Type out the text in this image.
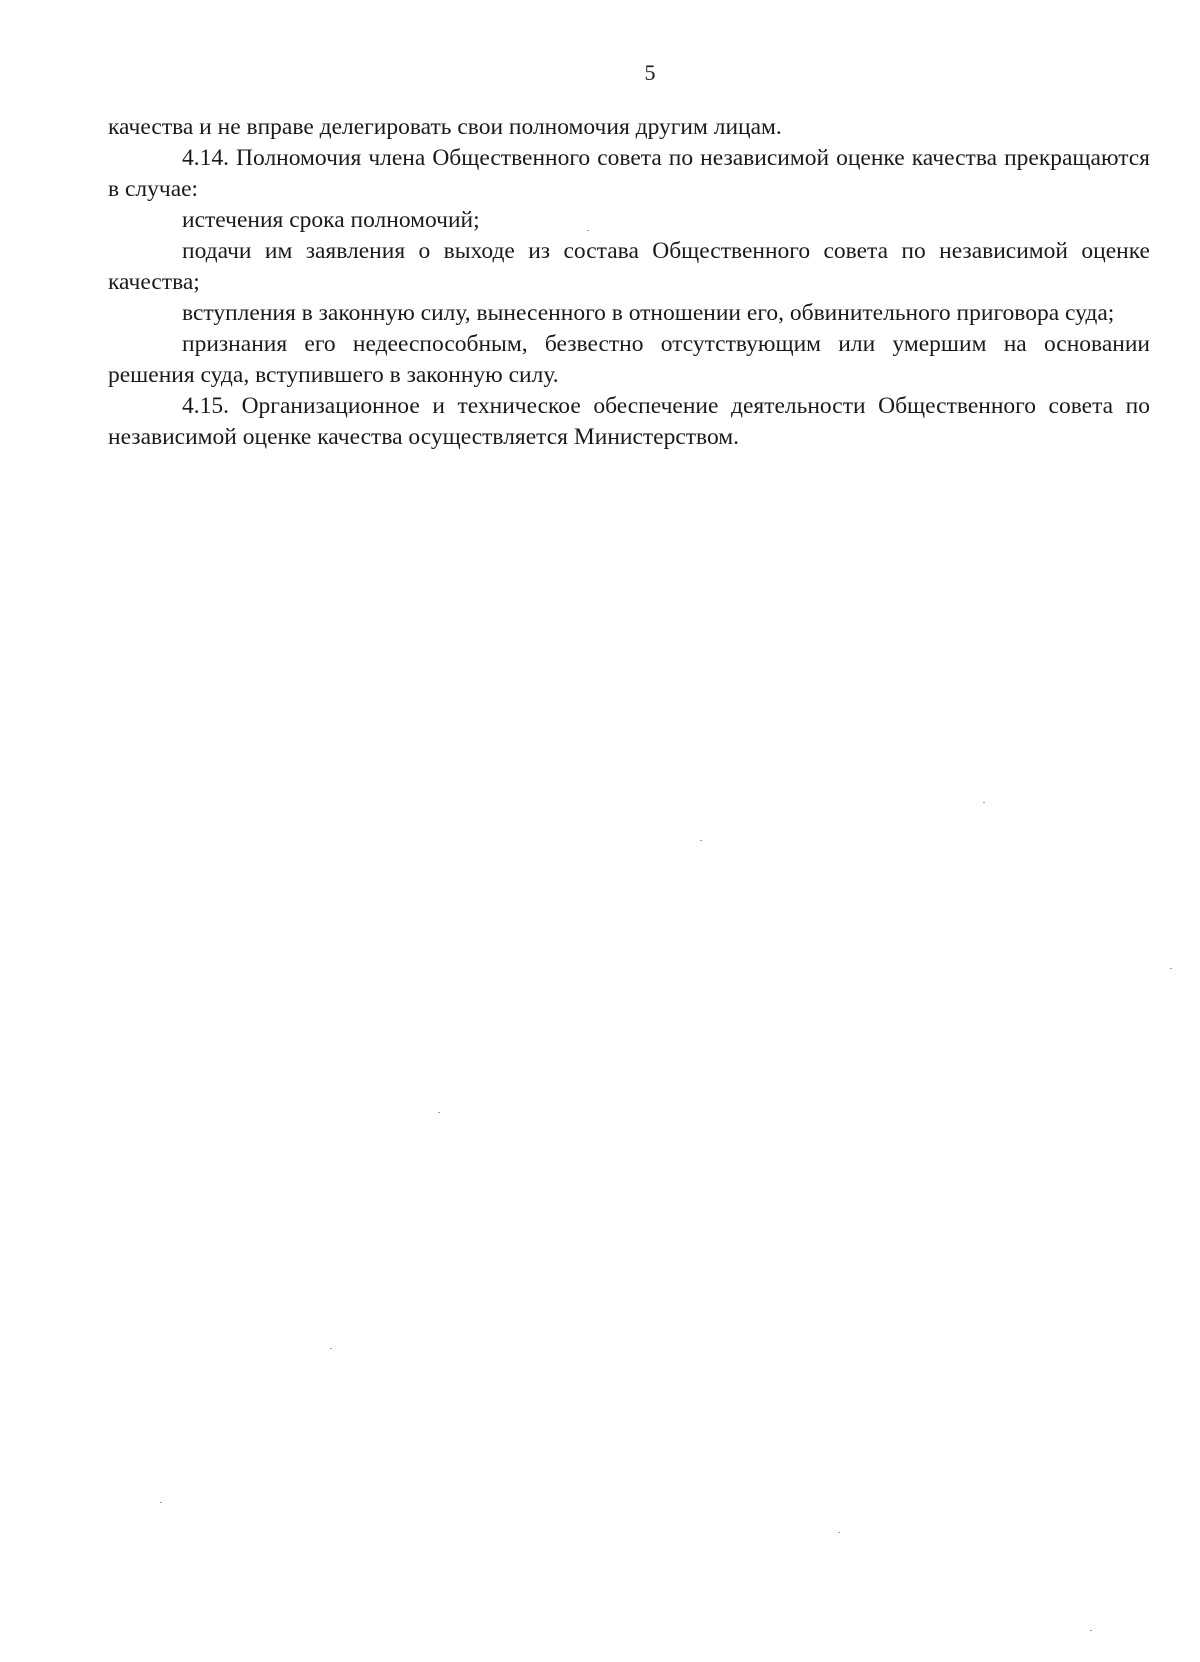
5

качества и не вправе делегировать свои полномочия другим лицам.

4.14. Полномочия члена Общественного совета по независимой оценке качества прекращаются в случае:

истечения срока полномочий;

подачи им заявления о выходе из состава Общественного совета по независимой оценке качества;

вступления в законную силу, вынесенного в отношении его, обвинительного приговора суда;

признания его недееспособным, безвестно отсутствующим или умершим на основании решения суда, вступившего в законную силу.

4.15. Организационное и техническое обеспечение деятельности Общественного совета по независимой оценке качества осуществляется Министерством.
